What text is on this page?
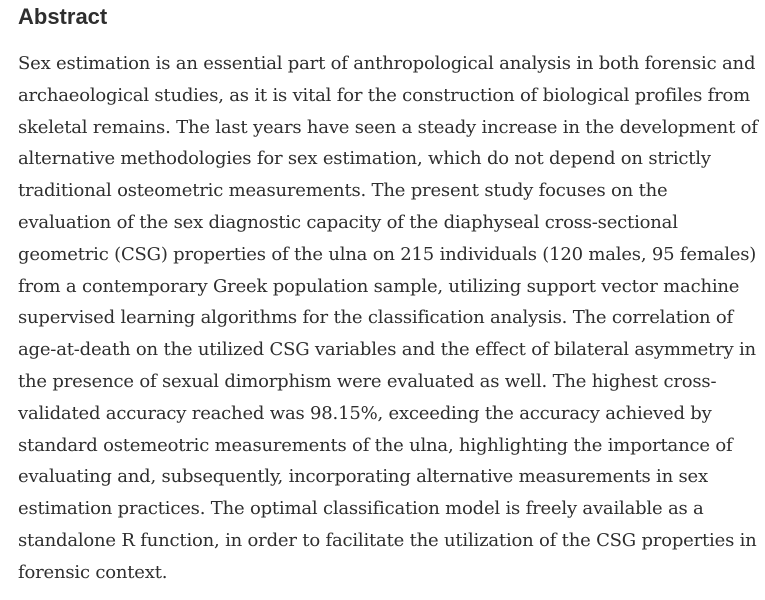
Abstract

Sex estimation is an essential part of anthropological analysis in both forensic and archaeological studies, as it is vital for the construction of biological profiles from skeletal remains. The last years have seen a steady increase in the development of alternative methodologies for sex estimation, which do not depend on strictly traditional osteometric measurements. The present study focuses on the evaluation of the sex diagnostic capacity of the diaphyseal cross-sectional geometric (CSG) properties of the ulna on 215 individuals (120 males, 95 females) from a contemporary Greek population sample, utilizing support vector machine supervised learning algorithms for the classification analysis. The correlation of age-at-death on the utilized CSG variables and the effect of bilateral asymmetry in the presence of sexual dimorphism were evaluated as well. The highest cross-validated accuracy reached was 98.15%, exceeding the accuracy achieved by standard ostemeotric measurements of the ulna, highlighting the importance of evaluating and, subsequently, incorporating alternative measurements in sex estimation practices. The optimal classification model is freely available as a standalone R function, in order to facilitate the utilization of the CSG properties in forensic context.
